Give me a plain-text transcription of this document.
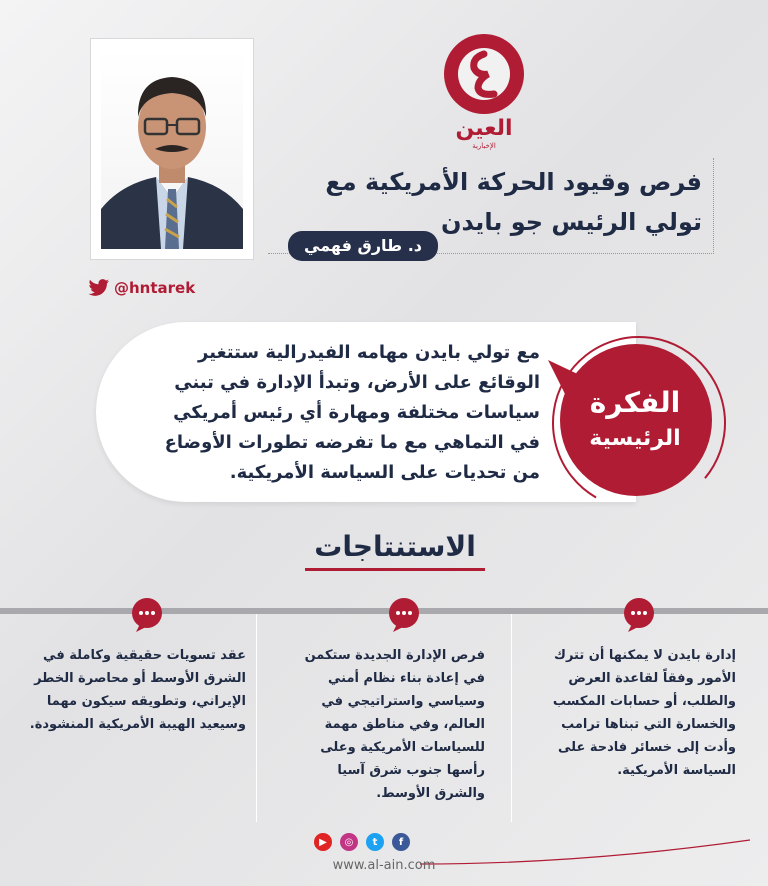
@hntarek
العين
الإخبارية
فرص وقيود الحركة الأمريكية مع تولي الرئيس جو بايدن
د. طارق فهمي
مع تولي بايدن مهامه الفيدرالية ستتغير الوقائع على الأرض، وتبدأ الإدارة في تبني سياسات مختلفة ومهارة أي رئيس أمريكي في التماهي مع ما تفرضه تطورات الأوضاع من تحديات على السياسة الأمريكية.
الفكرة
الرئيسية
الاستنتاجات
عقد تسويات حقيقية وكاملة في الشرق الأوسط أو محاصرة الخطر الإيراني، وتطويقه سيكون مهما وسيعيد الهيبة الأمريكية المنشودة.
فرص الإدارة الجديدة ستكمن في إعادة بناء نظام أمني وسياسي واستراتيجي في العالم، وفي مناطق مهمة للسياسات الأمريكية وعلى رأسها جنوب شرق آسيا والشرق الأوسط.
إدارة بايدن لا يمكنها أن تترك الأمور وفقاً لقاعدة العرض والطلب، أو حسابات المكسب والخسارة التي تبناها ترامب وأدت إلى خسائر فادحة على السياسة الأمريكية.
▶	◎	t	f
www.al-ain.com
